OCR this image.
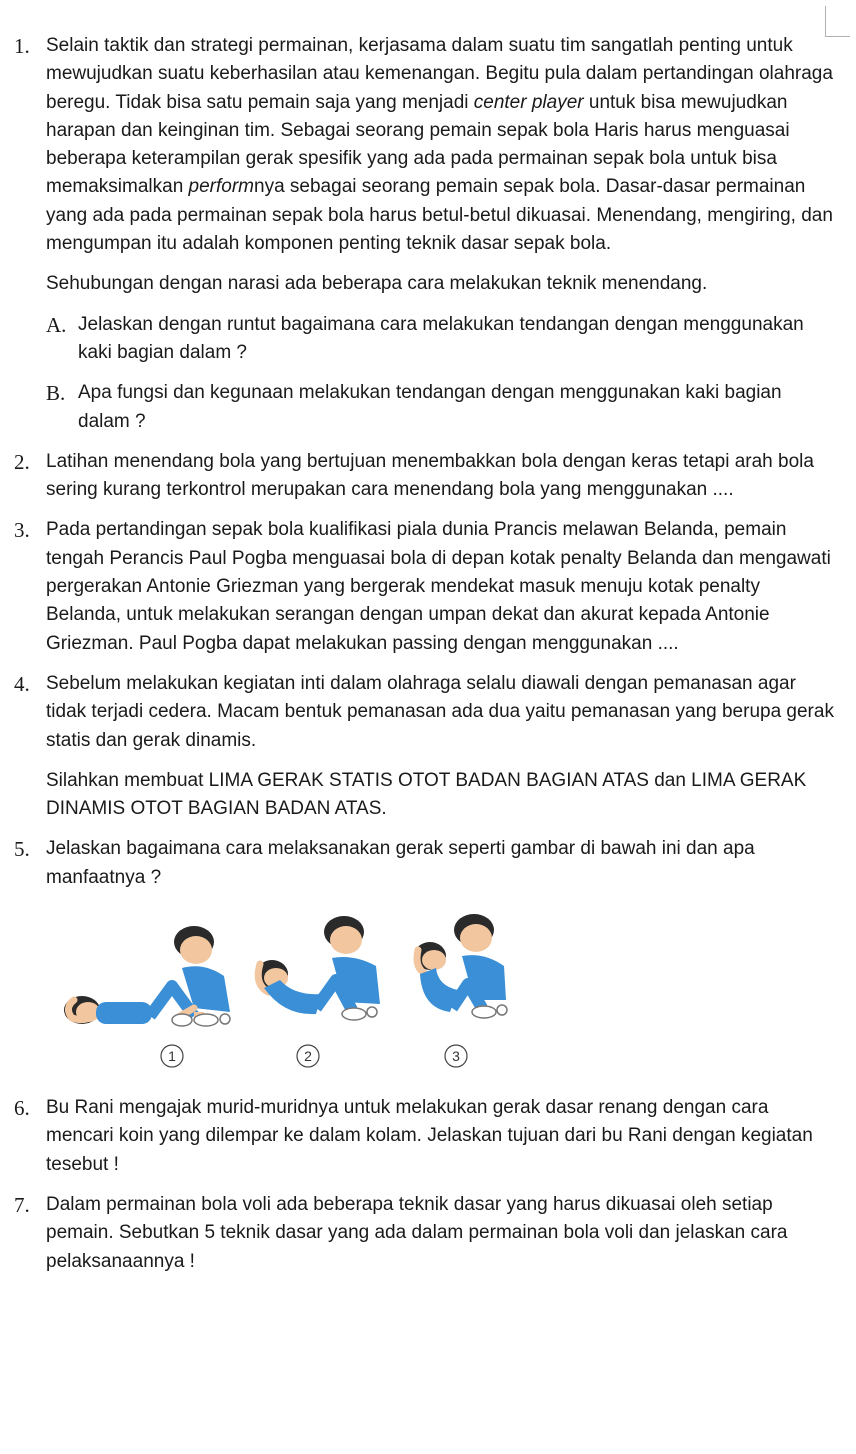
1. Selain taktik dan strategi permainan, kerjasama dalam suatu tim sangatlah penting untuk mewujudkan suatu keberhasilan atau kemenangan. Begitu pula dalam pertandingan olahraga beregu. Tidak bisa satu pemain saja yang menjadi center player untuk bisa mewujudkan harapan dan keinginan tim. Sebagai seorang pemain sepak bola Haris harus menguasai beberapa keterampilan gerak spesifik yang ada pada permainan sepak bola untuk bisa memaksimalkan performnya sebagai seorang pemain sepak bola. Dasar-dasar permainan yang ada pada permainan sepak bola harus betul-betul dikuasai. Menendang, mengiring, dan mengumpan itu adalah komponen penting teknik dasar sepak bola.

Sehubungan dengan narasi ada beberapa cara melakukan teknik menendang.

A. Jelaskan dengan runtut bagaimana cara melakukan tendangan dengan menggunakan kaki bagian dalam ?

B. Apa fungsi dan kegunaan melakukan tendangan dengan menggunakan kaki bagian dalam ?

2. Latihan menendang bola yang bertujuan menembakkan bola dengan keras tetapi arah bola sering kurang terkontrol merupakan cara menendang bola yang menggunakan ....

3. Pada pertandingan sepak bola kualifikasi piala dunia Prancis melawan Belanda, pemain tengah Perancis Paul Pogba menguasai bola di depan kotak penalty Belanda dan mengawati pergerakan Antonie Griezman yang bergerak mendekat masuk menuju kotak penalty Belanda, untuk melakukan serangan dengan umpan dekat dan akurat kepada Antonie Griezman. Paul Pogba dapat melakukan passing dengan menggunakan ....

4. Sebelum melakukan kegiatan inti dalam olahraga selalu diawali dengan pemanasan agar tidak terjadi cedera. Macam bentuk pemanasan ada dua yaitu pemanasan yang berupa gerak statis dan gerak dinamis.

Silahkan membuat LIMA GERAK STATIS OTOT BADAN BAGIAN ATAS dan LIMA GERAK DINAMIS OTOT BAGIAN BADAN ATAS.

5. Jelaskan bagaimana cara melaksanakan gerak seperti gambar di bawah ini dan apa manfaatnya ?

1	2	3
6. Bu Rani mengajak murid-muridnya untuk melakukan gerak dasar renang dengan cara mencari koin yang dilempar ke dalam kolam. Jelaskan tujuan dari bu Rani dengan kegiatan tesebut !

7. Dalam permainan bola voli ada beberapa teknik dasar yang harus dikuasai oleh setiap pemain. Sebutkan 5 teknik dasar yang ada dalam permainan bola voli dan jelaskan cara pelaksanaannya !
